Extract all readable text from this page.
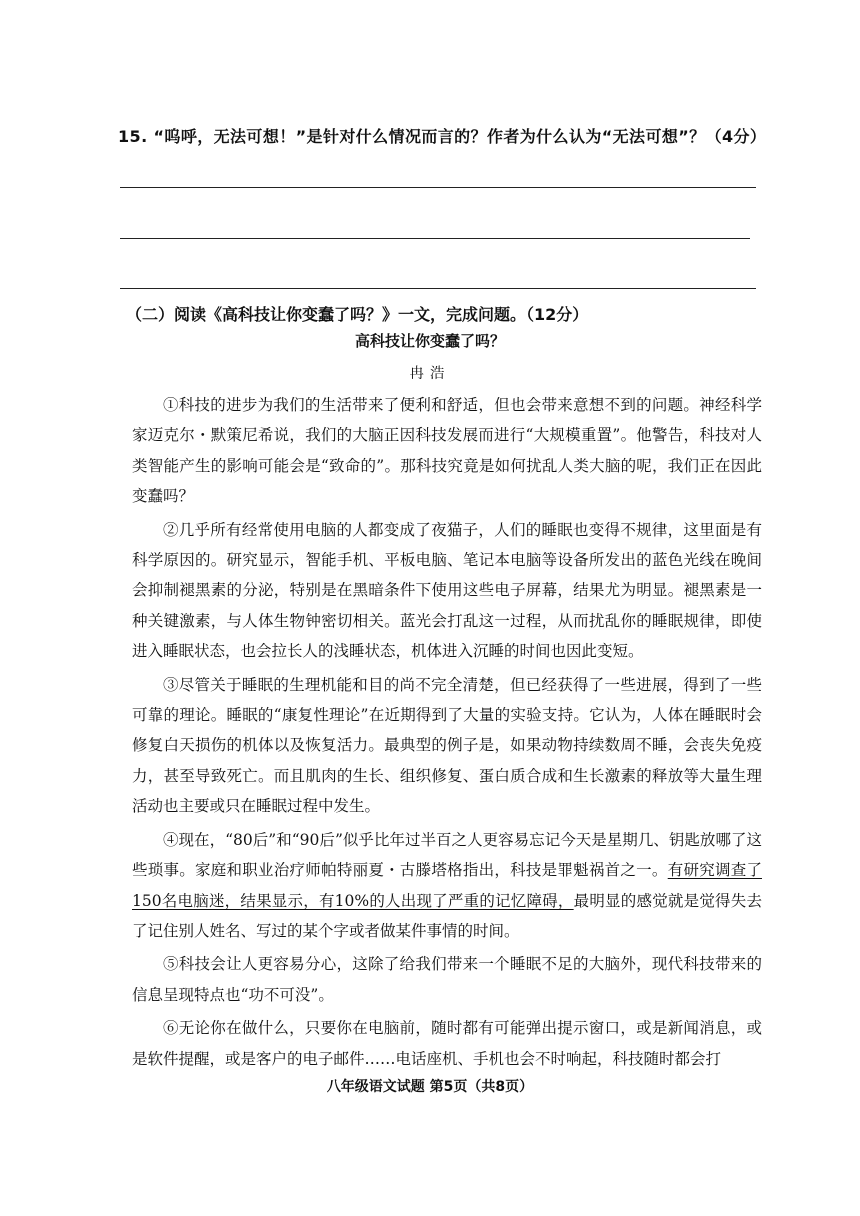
15. “呜呼，无法可想！”是针对什么情况而言的？作者为什么认为“无法可想”？（4分）
（二）阅读《高科技让你变蠢了吗？》一文，完成问题。（12分）
高科技让你变蠢了吗？
冉浩

①科技的进步为我们的生活带来了便利和舒适，但也会带来意想不到的问题。神经科学家迈克尔・默策尼希说，我们的大脑正因科技发展而进行“大规模重置”。他警告，科技对人类智能产生的影响可能会是“致命的”。那科技究竟是如何扰乱人类大脑的呢，我们正在因此变蠢吗？

②几乎所有经常使用电脑的人都变成了夜猫子，人们的睡眠也变得不规律，这里面是有科学原因的。研究显示，智能手机、平板电脑、笔记本电脑等设备所发出的蓝色光线在晚间会抑制褪黑素的分泌，特别是在黑暗条件下使用这些电子屏幕，结果尤为明显。褪黑素是一种关键激素，与人体生物钟密切相关。蓝光会打乱这一过程，从而扰乱你的睡眠规律，即使进入睡眠状态，也会拉长人的浅睡状态，机体进入沉睡的时间也因此变短。

③尽管关于睡眠的生理机能和目的尚不完全清楚，但已经获得了一些进展，得到了一些可靠的理论。睡眠的“康复性理论”在近期得到了大量的实验支持。它认为，人体在睡眠时会修复白天损伤的机体以及恢复活力。最典型的例子是，如果动物持续数周不睡，会丧失免疫力，甚至导致死亡。而且肌肉的生长、组织修复、蛋白质合成和生长激素的释放等大量生理活动也主要或只在睡眠过程中发生。

④现在，“80后”和“90后”似乎比年过半百之人更容易忘记今天是星期几、钥匙放哪了这些琐事。家庭和职业治疗师帕特丽夏・古滕塔格指出，科技是罪魁祸首之一。有研究调查了150名电脑迷，结果显示，有10%的人出现了严重的记忆障碍，最明显的感觉就是觉得失去了记住别人姓名、写过的某个字或者做某件事情的时间。

⑤科技会让人更容易分心，这除了给我们带来一个睡眠不足的大脑外，现代科技带来的信息呈现特点也“功不可没”。

⑥无论你在做什么，只要你在电脑前，随时都有可能弹出提示窗口，或是新闻消息，或是软件提醒，或是客户的电子邮件……电话座机、手机也会不时响起，科技随时都会打

八年级语文试题 第5页（共8页）
